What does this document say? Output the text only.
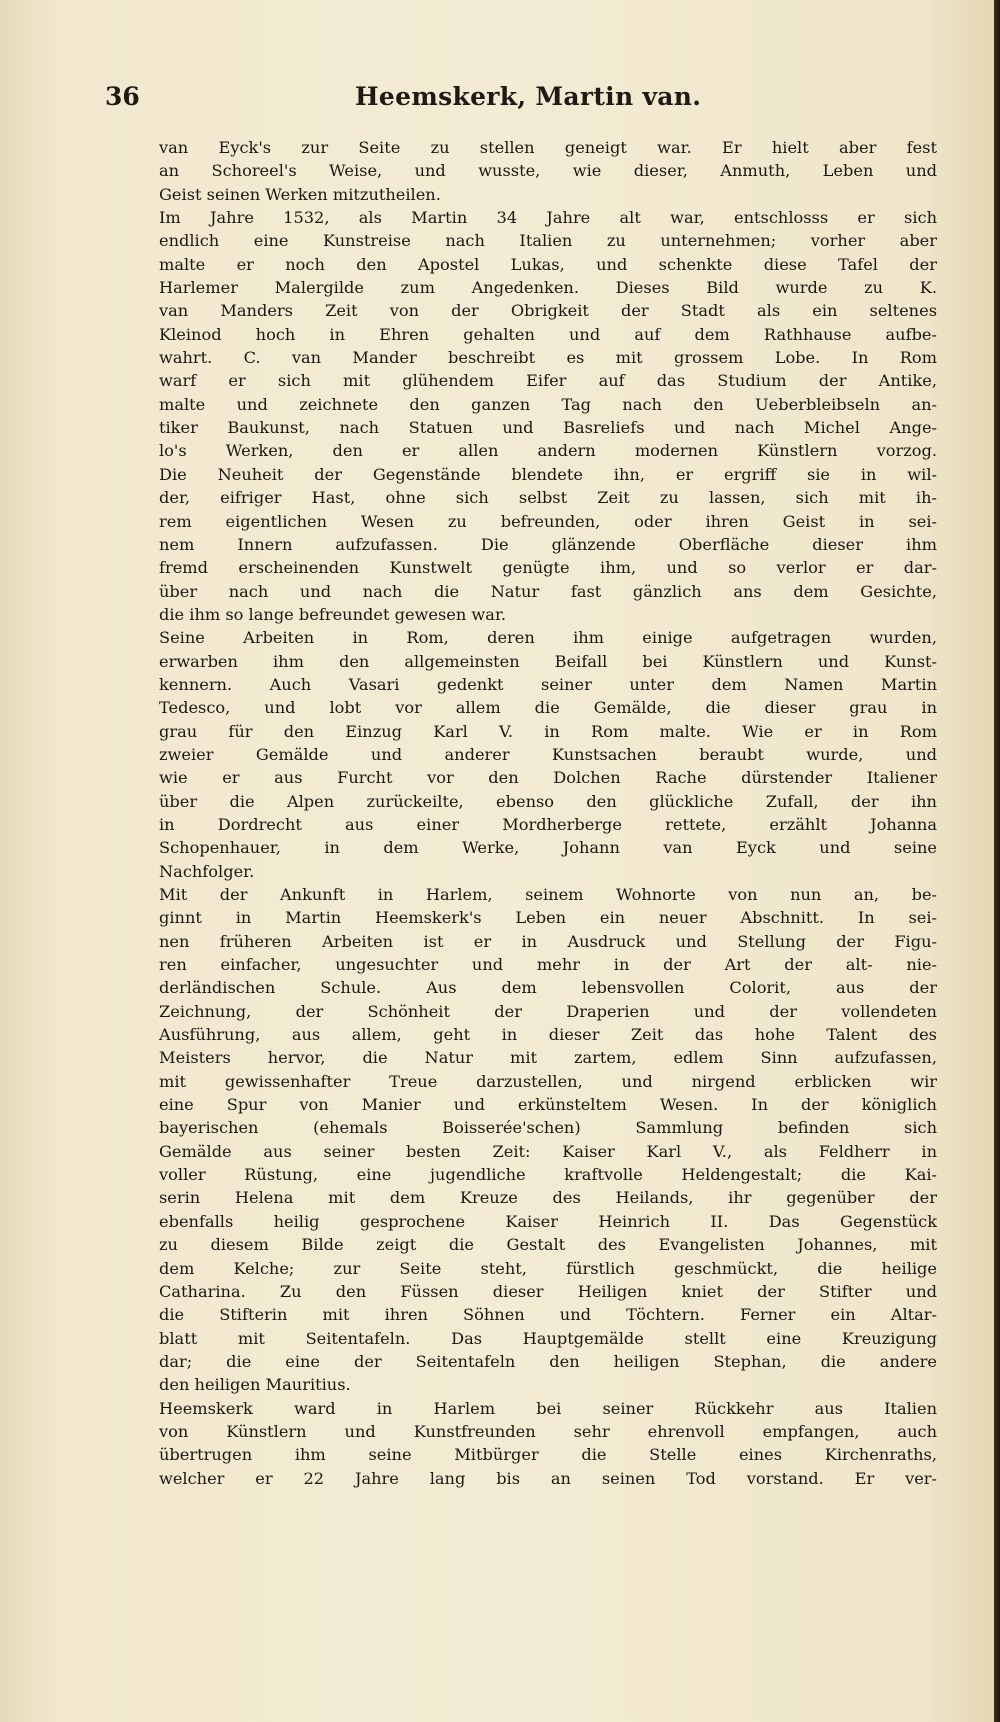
36	Heemskerk, Martin van.
van Eyck's zur Seite zu stellen geneigt war. Er hielt aber fest
an Schoreel's Weise, und wusste, wie dieser, Anmuth, Leben und
Geist seinen Werken mitzutheilen.
Im Jahre 1532, als Martin 34 Jahre alt war, entschlosss er sich
endlich eine Kunstreise nach Italien zu unternehmen; vorher aber
malte er noch den Apostel Lukas, und schenkte diese Tafel der
Harlemer Malergilde zum Angedenken. Dieses Bild wurde zu K.
van Manders Zeit von der Obrigkeit der Stadt als ein seltenes
Kleinod hoch in Ehren gehalten und auf dem Rathhause aufbe-
wahrt. C. van Mander beschreibt es mit grossem Lobe. In Rom
warf er sich mit glühendem Eifer auf das Studium der Antike,
malte und zeichnete den ganzen Tag nach den Ueberbleibseln an-
tiker Baukunst, nach Statuen und Basreliefs und nach Michel Ange-
lo's Werken, den er allen andern modernen Künstlern vorzog.
Die Neuheit der Gegenstände blendete ihn, er ergriff sie in wil-
der, eifriger Hast, ohne sich selbst Zeit zu lassen, sich mit ih-
rem eigentlichen Wesen zu befreunden, oder ihren Geist in sei-
nem Innern aufzufassen. Die glänzende Oberfläche dieser ihm
fremd erscheinenden Kunstwelt genügte ihm, und so verlor er dar-
über nach und nach die Natur fast gänzlich ans dem Gesichte,
die ihm so lange befreundet gewesen war.
Seine Arbeiten in Rom, deren ihm einige aufgetragen wurden,
erwarben ihm den allgemeinsten Beifall bei Künstlern und Kunst-
kennern. Auch Vasari gedenkt seiner unter dem Namen Martin
Tedesco, und lobt vor allem die Gemälde, die dieser grau in
grau für den Einzug Karl V. in Rom malte. Wie er in Rom
zweier Gemälde und anderer Kunstsachen beraubt wurde, und
wie er aus Furcht vor den Dolchen Rache dürstender Italiener
über die Alpen zurückeilte, ebenso den glückliche Zufall, der ihn
in Dordrecht aus einer Mordherberge rettete, erzählt Johanna
Schopenhauer, in dem Werke, Johann van Eyck und seine
Nachfolger.
Mit der Ankunft in Harlem, seinem Wohnorte von nun an, be-
ginnt in Martin Heemskerk's Leben ein neuer Abschnitt. In sei-
nen früheren Arbeiten ist er in Ausdruck und Stellung der Figu-
ren einfacher, ungesuchter und mehr in der Art der alt- nie-
derländischen Schule. Aus dem lebensvollen Colorit, aus der
Zeichnung, der Schönheit der Draperien und der vollendeten
Ausführung, aus allem, geht in dieser Zeit das hohe Talent des
Meisters hervor, die Natur mit zartem, edlem Sinn aufzufassen,
mit gewissenhafter Treue darzustellen, und nirgend erblicken wir
eine Spur von Manier und erkünsteltem Wesen. In der königlich
bayerischen (ehemals Boisserée'schen) Sammlung befinden sich
Gemälde aus seiner besten Zeit: Kaiser Karl V., als Feldherr in
voller Rüstung, eine jugendliche kraftvolle Heldengestalt; die Kai-
serin Helena mit dem Kreuze des Heilands, ihr gegenüber der
ebenfalls heilig gesprochene Kaiser Heinrich II. Das Gegenstück
zu diesem Bilde zeigt die Gestalt des Evangelisten Johannes, mit
dem Kelche; zur Seite steht, fürstlich geschmückt, die heilige
Catharina. Zu den Füssen dieser Heiligen kniet der Stifter und
die Stifterin mit ihren Söhnen und Töchtern. Ferner ein Altar-
blatt mit Seitentafeln. Das Hauptgemälde stellt eine Kreuzigung
dar; die eine der Seitentafeln den heiligen Stephan, die andere
den heiligen Mauritius.
Heemskerk ward in Harlem bei seiner Rückkehr aus Italien
von Künstlern und Kunstfreunden sehr ehrenvoll empfangen, auch
übertrugen ihm seine Mitbürger die Stelle eines Kirchenraths,
welcher er 22 Jahre lang bis an seinen Tod vorstand. Er ver-
